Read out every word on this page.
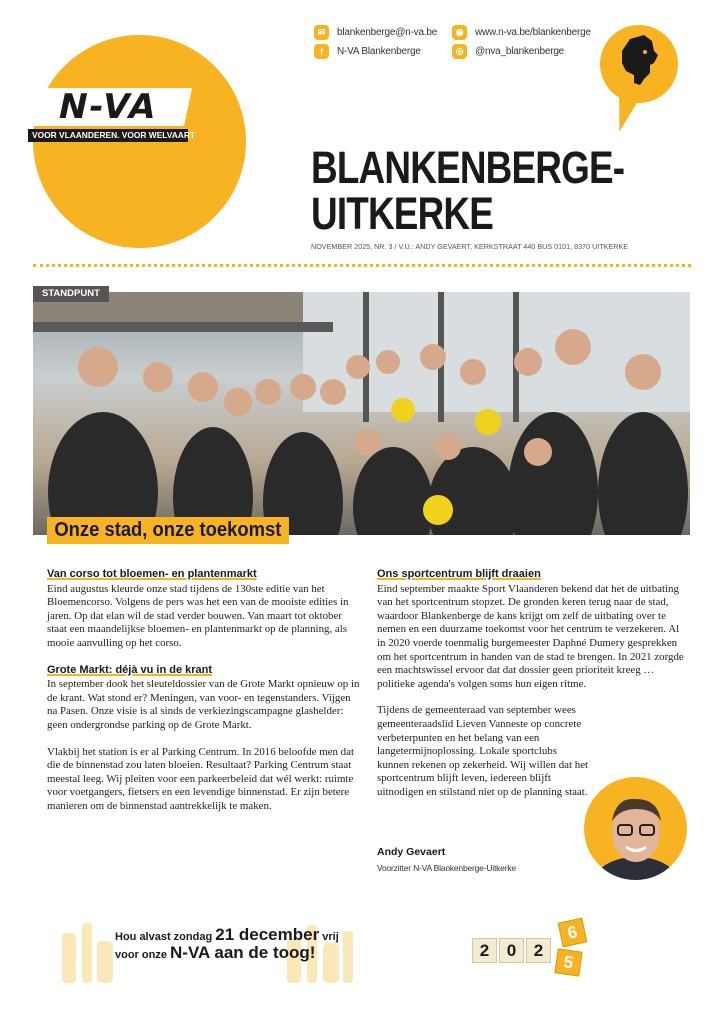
N-VA
VOOR VLAANDEREN. VOOR WELVAART
✉	blankenberge@n-va.be	◉	www.n-va.be/blankenberge
f	N-VA Blankenberge	◎	@nva_blankenberge
BLANKENBERGE-
UITKERKE
NOVEMBER 2025, NR. 3 / V.U.: ANDY GEVAERT, KERKSTRAAT 440 BUS 0101, 8370 UITKERKE
STANDPUNT
Onze stad, onze toekomst
Van corso tot bloemen- en plantenmarkt

Eind augustus kleurde onze stad tijdens de 130ste editie van het Bloemencorso. Volgens de pers was het een van de mooiste edities in jaren. Op dat elan wil de stad verder bouwen. Van maart tot oktober staat een maandelijkse bloemen- en plantenmarkt op de planning, als mooie aanvulling op het corso.

Grote Markt: déjà vu in de krant

In september dook het sleuteldossier van de Grote Markt opnieuw op in de krant. Wat stond er? Meningen, van voor- en tegenstanders. Vijgen na Pasen. Onze visie is al sinds de verkiezingscampagne glashelder: geen ondergrondse parking op de Grote Markt.

Vlakbij het station is er al Parking Centrum. In 2016 beloofde men dat die de binnenstad zou laten bloeien. Resultaat? Parking Centrum staat meestal leeg. Wij pleiten voor een parkeerbeleid dat wél werkt: ruimte voor voetgangers, fietsers en een levendige binnenstad. Er zijn betere manieren om de binnenstad aantrekkelijk te maken.

Ons sportcentrum blijft draaien

Eind september maakte Sport Vlaanderen bekend dat het de uitbating van het sportcentrum stopzet. De gronden keren terug naar de stad, waardoor Blankenberge de kans krijgt om zelf de uitbating over te nemen en een duurzame toekomst voor het centrum te verzekeren. Al in 2020 voerde toenmalig burgemeester Daphné Dumery gesprekken om het sportcentrum in handen van de stad te brengen. In 2021 zorgde een machtswissel ervoor dat dat dossier geen prioriteit kreeg … politieke agenda's volgen soms hun eigen ritme.

Tijdens de gemeenteraad van september wees gemeenteraadslid Lieven Vanneste op concrete verbeterpunten en het belang van een langetermijnoplossing. Lokale sportclubs kunnen rekenen op zekerheid. Wij willen dat het sportcentrum blijft leven, iedereen blijft uitnodigen en stilstand niet op de planning staat.

Andy Gevaert
Voorzitter N-VA Blankenberge-Uitkerke
Hou alvast zondag 21 december vrij
voor onze N-VA aan de toog!	2	0	2
6
5
